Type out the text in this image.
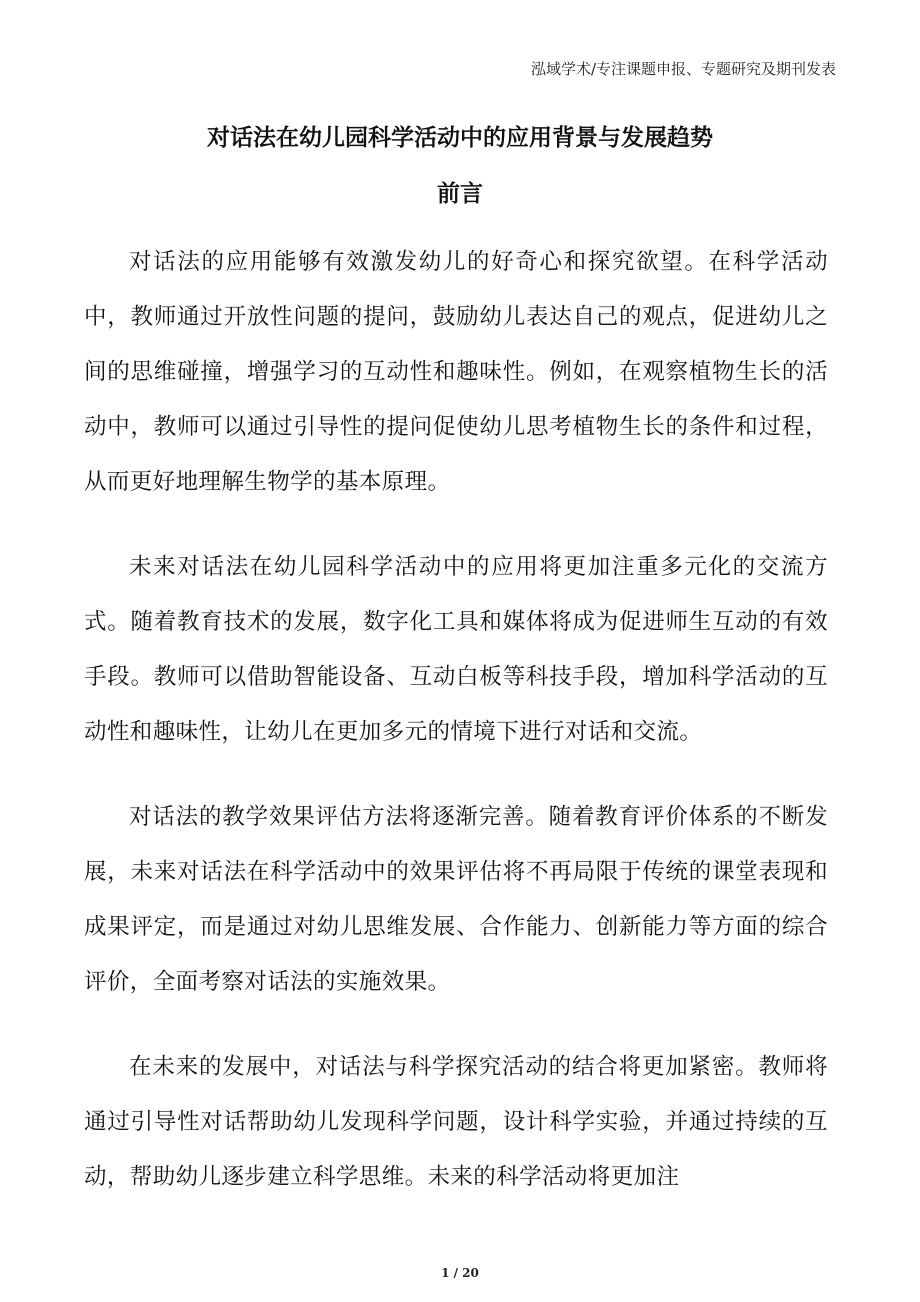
泓域学术/专注课题申报、专题研究及期刊发表
对话法在幼儿园科学活动中的应用背景与发展趋势
前言

对话法的应用能够有效激发幼儿的好奇心和探究欲望。在科学活动中，教师通过开放性问题的提问，鼓励幼儿表达自己的观点，促进幼儿之间的思维碰撞，增强学习的互动性和趣味性。例如，在观察植物生长的活动中，教师可以通过引导性的提问促使幼儿思考植物生长的条件和过程，从而更好地理解生物学的基本原理。

未来对话法在幼儿园科学活动中的应用将更加注重多元化的交流方式。随着教育技术的发展，数字化工具和媒体将成为促进师生互动的有效手段。教师可以借助智能设备、互动白板等科技手段，增加科学活动的互动性和趣味性，让幼儿在更加多元的情境下进行对话和交流。

对话法的教学效果评估方法将逐渐完善。随着教育评价体系的不断发展，未来对话法在科学活动中的效果评估将不再局限于传统的课堂表现和成果评定，而是通过对幼儿思维发展、合作能力、创新能力等方面的综合评价，全面考察对话法的实施效果。

在未来的发展中，对话法与科学探究活动的结合将更加紧密。教师将通过引导性对话帮助幼儿发现科学问题，设计科学实验，并通过持续的互动，帮助幼儿逐步建立科学思维。未来的科学活动将更加注

1 / 20
